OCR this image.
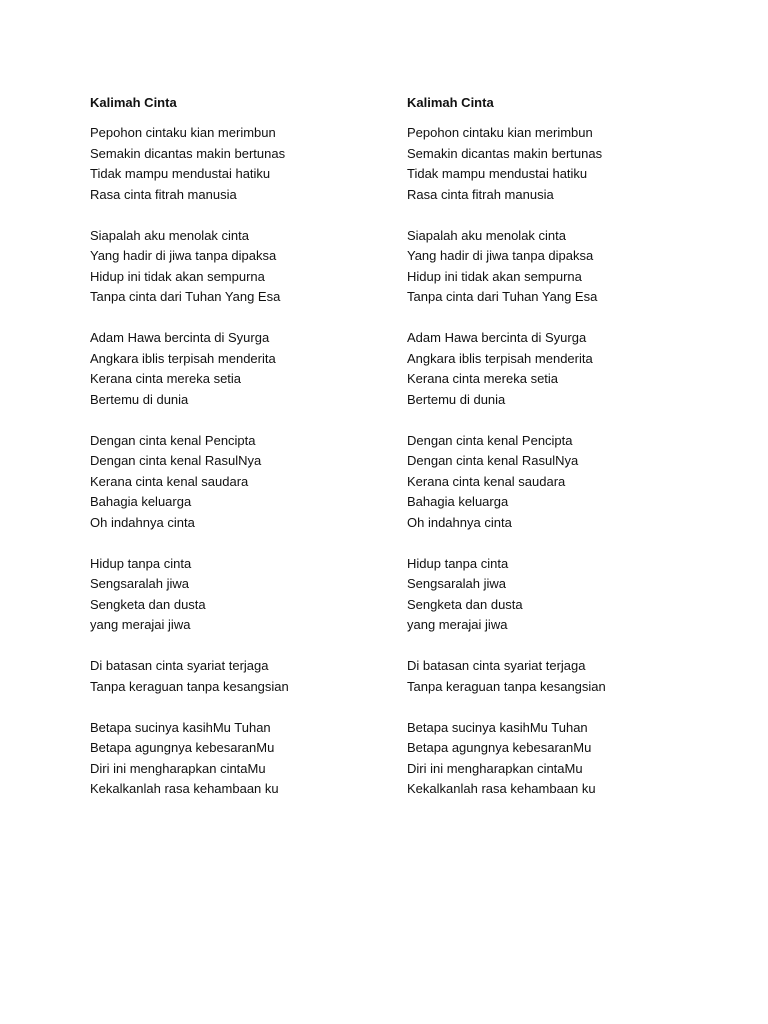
Kalimah Cinta
Pepohon cintaku kian merimbun
Semakin dicantas makin bertunas
Tidak mampu mendustai hatiku
Rasa cinta fitrah manusia
Siapalah aku menolak cinta
Yang hadir di jiwa tanpa dipaksa
Hidup ini tidak akan sempurna
Tanpa cinta dari Tuhan Yang Esa
Adam Hawa bercinta di Syurga
Angkara iblis terpisah menderita
Kerana cinta mereka setia
Bertemu di dunia
Dengan cinta kenal Pencipta
Dengan cinta kenal RasulNya
Kerana cinta kenal saudara
Bahagia keluarga
Oh indahnya cinta
Hidup tanpa cinta
Sengsaralah jiwa
Sengketa dan dusta
yang merajai jiwa
Di batasan cinta syariat terjaga
Tanpa keraguan tanpa kesangsian
Betapa sucinya kasihMu Tuhan
Betapa agungnya kebesaranMu
Diri ini mengharapkan cintaMu
Kekalkanlah rasa kehambaan ku
Kalimah Cinta
Pepohon cintaku kian merimbun
Semakin dicantas makin bertunas
Tidak mampu mendustai hatiku
Rasa cinta fitrah manusia
Siapalah aku menolak cinta
Yang hadir di jiwa tanpa dipaksa
Hidup ini tidak akan sempurna
Tanpa cinta dari Tuhan Yang Esa
Adam Hawa bercinta di Syurga
Angkara iblis terpisah menderita
Kerana cinta mereka setia
Bertemu di dunia
Dengan cinta kenal Pencipta
Dengan cinta kenal RasulNya
Kerana cinta kenal saudara
Bahagia keluarga
Oh indahnya cinta
Hidup tanpa cinta
Sengsaralah jiwa
Sengketa dan dusta
yang merajai jiwa
Di batasan cinta syariat terjaga
Tanpa keraguan tanpa kesangsian
Betapa sucinya kasihMu Tuhan
Betapa agungnya kebesaranMu
Diri ini mengharapkan cintaMu
Kekalkanlah rasa kehambaan ku
